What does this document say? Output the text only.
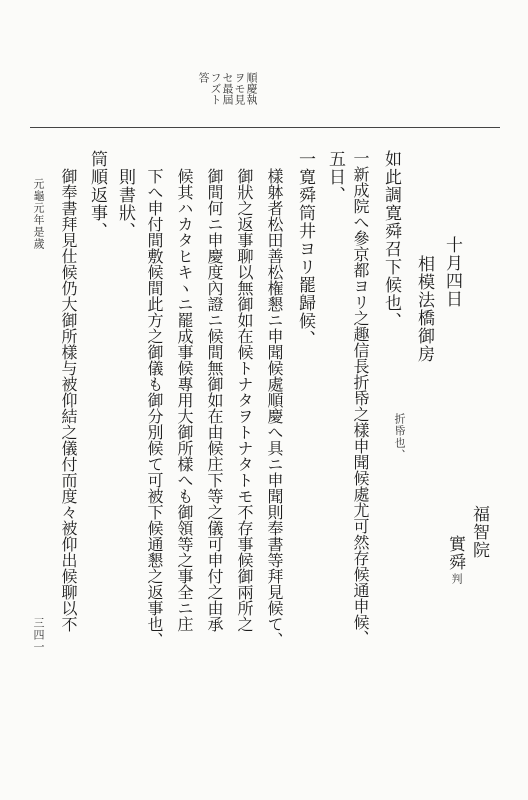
順慶執
ヲモ見
セ最屆
フズト
答
福智院
實舜
判
十月四日
相模法橋御房
折帋也、
如此調寛舜召下候也、
一新成院へ參京都ヨリ之趣信長折帋之樣申聞候處尤可然存候通申候、
五日、
一寛舜筒井ヨリ罷歸候、
樣躰者松田善松権懇ニ申聞候處順慶へ具ニ申聞則奉書等拜見候て、
御狀之返事聊以無御如在候トナタヲトナタトモ不存事候御兩所之
御間何ニ申慶度內證ニ候間無御如在由候庄下等之儀可申付之由承
候其ハカタヒキヽニ罷成事候專用大御所樣へも御領等之事全ニ庄
下へ申付間敷候間此方之御儀も御分別候て可被下候通懇之返事也、
則書狀、
筒順返事、
御奉書拜見仕候仍大御所樣与被仰結之儀付而度々被仰出候聊以不
元龜元年是歲
三四一
